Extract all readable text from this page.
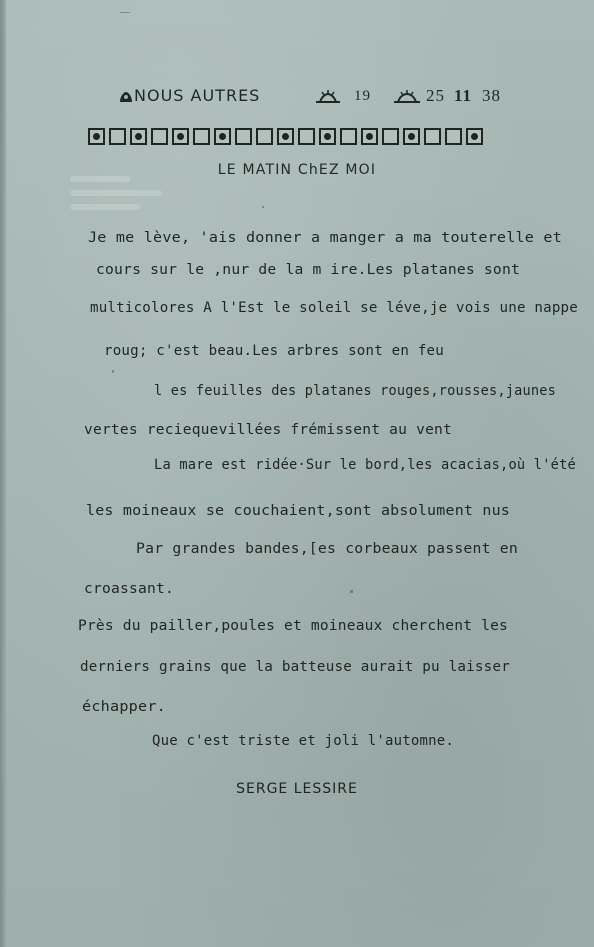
NOUS AUTRES	19	25 11 38
LE MATIN ChEZ MOI
Je me lève, 'ais donner a manger a ma touterelle et
cours sur le ,nur de la m ire.Les platanes sont
multicolores A l'Est le soleil se léve,je vois une nappe
roug; c'est beau.Les arbres sont en feu
l es feuilles des platanes rouges,rousses,jaunes
vertes reciequevillées frémissent au vent
La mare est ridée·Sur le bord,les acacias,où l'été
les moineaux se couchaient,sont absolument nus
Par grandes bandes,[es corbeaux passent en
croassant.
Près du pailler,poules et moineaux cherchent les
derniers grains que la batteuse aurait pu laisser
échapper.
Que c'est triste et joli l'automne.
SERGE LESSIRE
